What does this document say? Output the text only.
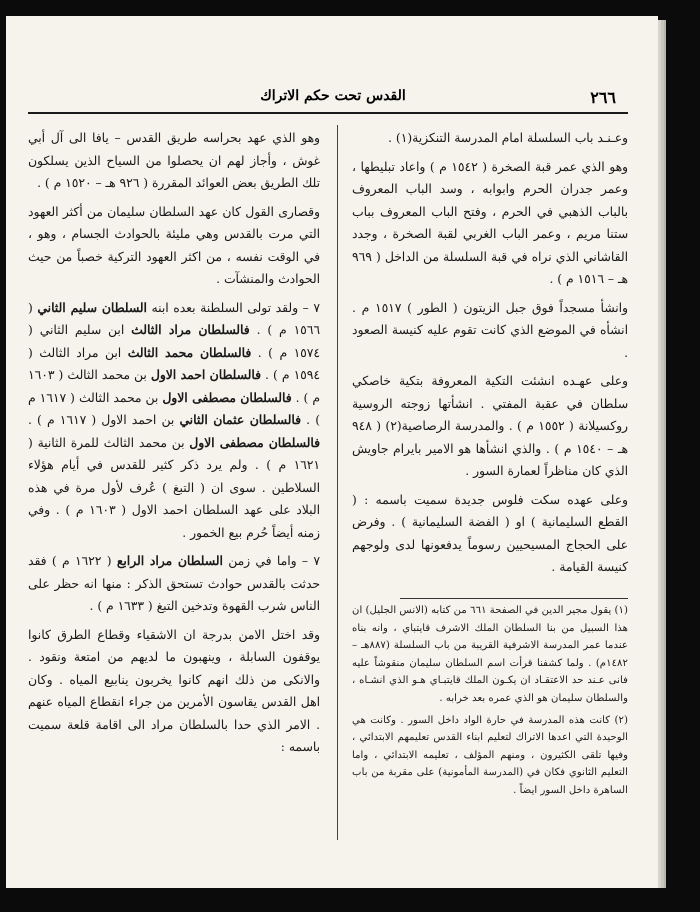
٢٦٦
القدس تحت حكم الاتراك

وعـنـد باب السلسلة امام المدرسة التنكزية(١) .

وهو الذي عمر قبة الصخرة ( ١٥٤٢ م ) واعاد تبليطها ، وعمر جدران الحرم وابوابه ، وسد الباب المعروف بالباب الذهبي في الحرم ، وفتح الباب المعروف بباب ستنا مريم ، وعمر الباب الغربي لقبة الصخرة ، وجدد القاشاني الذي نراه في قبة السلسلة من الداخل ( ٩٦٩ هـ – ١٥١٦ م ) .

وانشأ مسجداً فوق جبل الزيتون ( الطور ) ١٥١٧ م . انشأه في الموضع الذي كانت تقوم عليه كنيسة الصعود .

وعلى عهـده انشئت التكية المعروفة بتكية خاصكي سلطان في عقبة المفتي . انشأتها زوجته الروسية روكسيلانة ( ١٥٥٢ م ) . والمدرسة الرصاصية(٢) ( ٩٤٨ هـ – ١٥٤٠ م ) . والذي انشأها هو الامير بايرام جاويش الذي كان مناظراً لعمارة السور .

وعلى عهده سكت فلوس جديدة سميت باسمه : ( القطع السليمانية ) او ( الفضة السليمانية ) . وفرض على الحجاج المسيحيين رسوماً يدفعونها لدى ولوجهم كنيسة القيامة .

(١) يقول مجير الدين في الصفحة ٦٦١ من كتابه (الانس الجليل) ان هذا السبيل من بنا السلطان الملك الاشرف قايتباي ، وانه بناه عندما عمر المدرسة الاشرفية القريبة من باب السلسلة (٨٨٧هـ – ١٤٨٢م) . ولما كشفنا قرأت اسم السلطان سليمان منقوشاً عليه فانى عـند حد الاعتقـاد ان يكـون الملك قايتبـاي هـو الذي انشـاه ، والسلطان سليمان هو الذي عمره بعد خرابه .

(٢) كانت هذه المدرسة في حارة الواد داخل السور . وكانت هي الوحيدة التي اعدها الاتراك لتعليم ابناء القدس تعليمهم الابتدائي ، وفيها تلقى الكثيرون ، ومنهم المؤلف ، تعليمه الابتدائي ، واما التعليم الثانوي فكان في (المدرسة المأمونية) على مقربة من باب الساهرة داخل السور ايضاً .

وهو الذي عهد بحراسه طريق القدس – يافا الى آل أبي غوش ، وأجاز لهم ان يحصلوا من السياح الذين يسلكون تلك الطريق بعض العوائد المقررة ( ٩٢٦ هـ – ١٥٢٠ م ) .

وقصارى القول كان عهد السلطان سليمان من أكثر العهود التي مرت بالقدس وهي مليئة بالحوادث الجسام ، وهو ، في الوقت نفسه ، من اكثر العهود التركية خصباً من حيث الحوادث والمنشآت .

٧ – ولقد تولى السلطنة بعده ابنه السلطان سليم الثاني ( ١٥٦٦ م ) . فالسلطان مراد الثالث ابن سليم الثاني ( ١٥٧٤ م ) . فالسلطان محمد الثالث ابن مراد الثالث ( ١٥٩٤ م ) . فالسلطان احمد الاول بن محمد الثالث ( ١٦٠٣ م ) . فالسلطان مصطفى الاول بن محمد الثالث ( ١٦١٧ م ) . فالسلطان عثمان الثاني بن احمد الاول ( ١٦١٧ م ) . فالسلطان مصطفى الاول بن محمد الثالث للمرة الثانية ( ١٦٢١ م ) . ولم يرد ذكر كثير للقدس في أيام هؤلاء السلاطين . سوى ان ( التبغ ) عُرف لأول مرة في هذه البلاد على عهد السلطان احمد الاول ( ١٦٠٣ م ) . وفي زمنه أيضاً حُرم بيع الخمور .

٧ – واما في زمن السلطان مراد الرابع ( ١٦٢٢ م ) فقد حدثت بالقدس حوادث تستحق الذكر : منها انه حظر على الناس شرب القهوة وتدخين التبغ ( ١٦٣٣ م ) .

وقد اختل الامن بدرجة ان الاشقياء وقطاع الطرق كانوا يوقفون السابلة ، وينهبون ما لديهم من امتعة ونقود . والانكى من ذلك انهم كانوا يخربون ينابيع المياه . وكان اهل القدس يقاسون الأمرين من جراء انقطاع المياه عنهم . الامر الذي حدا بالسلطان مراد الى اقامة قلعة سميت باسمه :
